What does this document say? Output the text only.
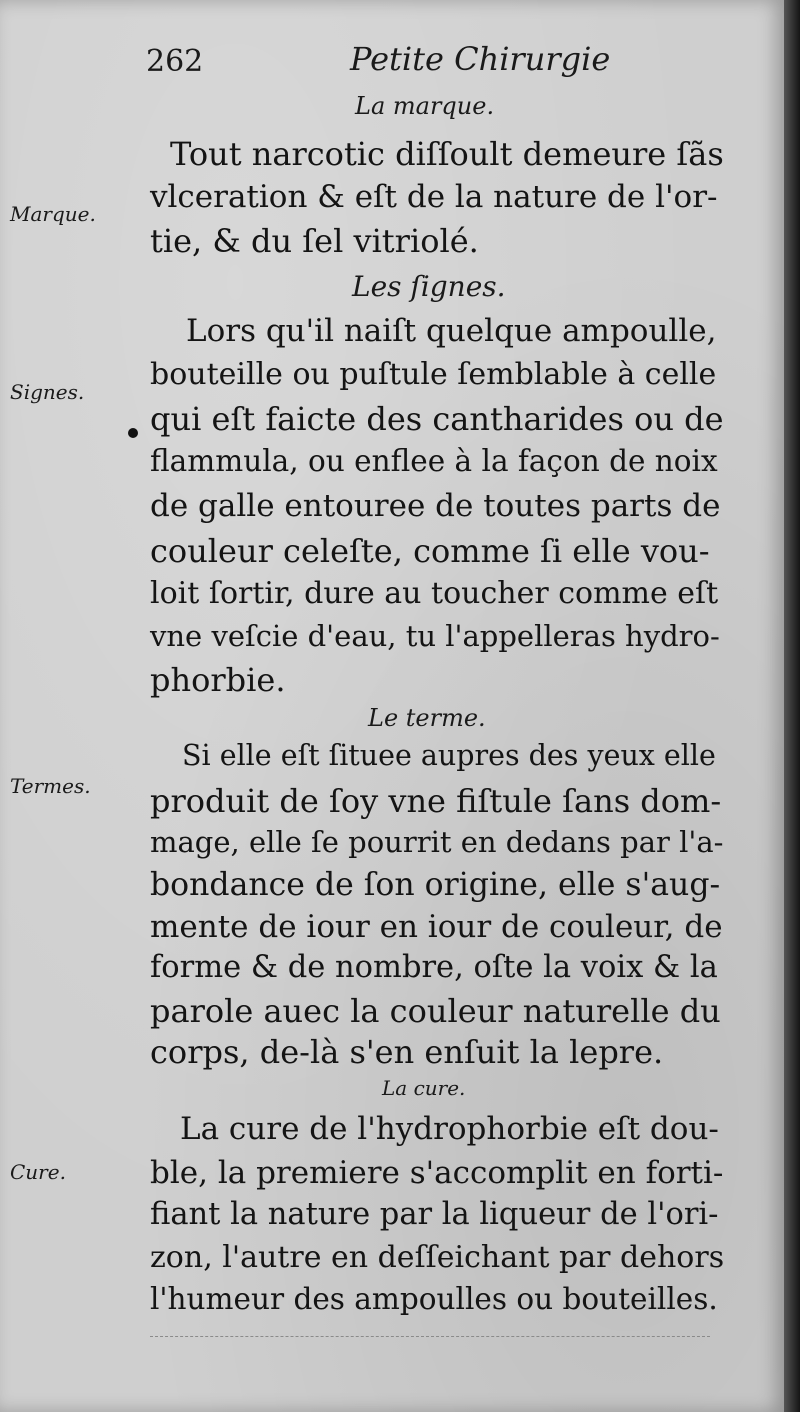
262	Petite Chirurgie
La marque.
Marque.
Tout narcotic diſſoult demeure ſãs
vlceration & eſt de la nature de l'or-
tie, & du ſel vitriolé.
Les ſignes.
Signes.
Lors qu'il naiſt quelque ampoulle,
bouteille ou puſtule ſemblable à celle
qui eſt faicte des cantharides ou de
flammula, ou enflee à la façon de noix
de galle entouree de toutes parts de
couleur celeſte, comme ſi elle vou-
loit ſortir, dure au toucher comme eſt
vne veſcie d'eau, tu l'appelleras hydro-
phorbie.
Le terme.
Termes.
Si elle eſt ſituee aupres des yeux elle
produit de ſoy vne fiſtule ſans dom-
mage, elle ſe pourrit en dedans par l'a-
bondance de ſon origine, elle s'aug-
mente de iour en iour de couleur, de
forme & de nombre, oſte la voix & la
parole auec la couleur naturelle du
corps, de-là s'en enſuit la lepre.
La cure.
Cure.
La cure de l'hydrophorbie eſt dou-
ble, la premiere s'accomplit en forti-
fiant la nature par la liqueur de l'ori-
zon, l'autre en deſſeichant par dehors
l'humeur des ampoulles ou bouteilles.
